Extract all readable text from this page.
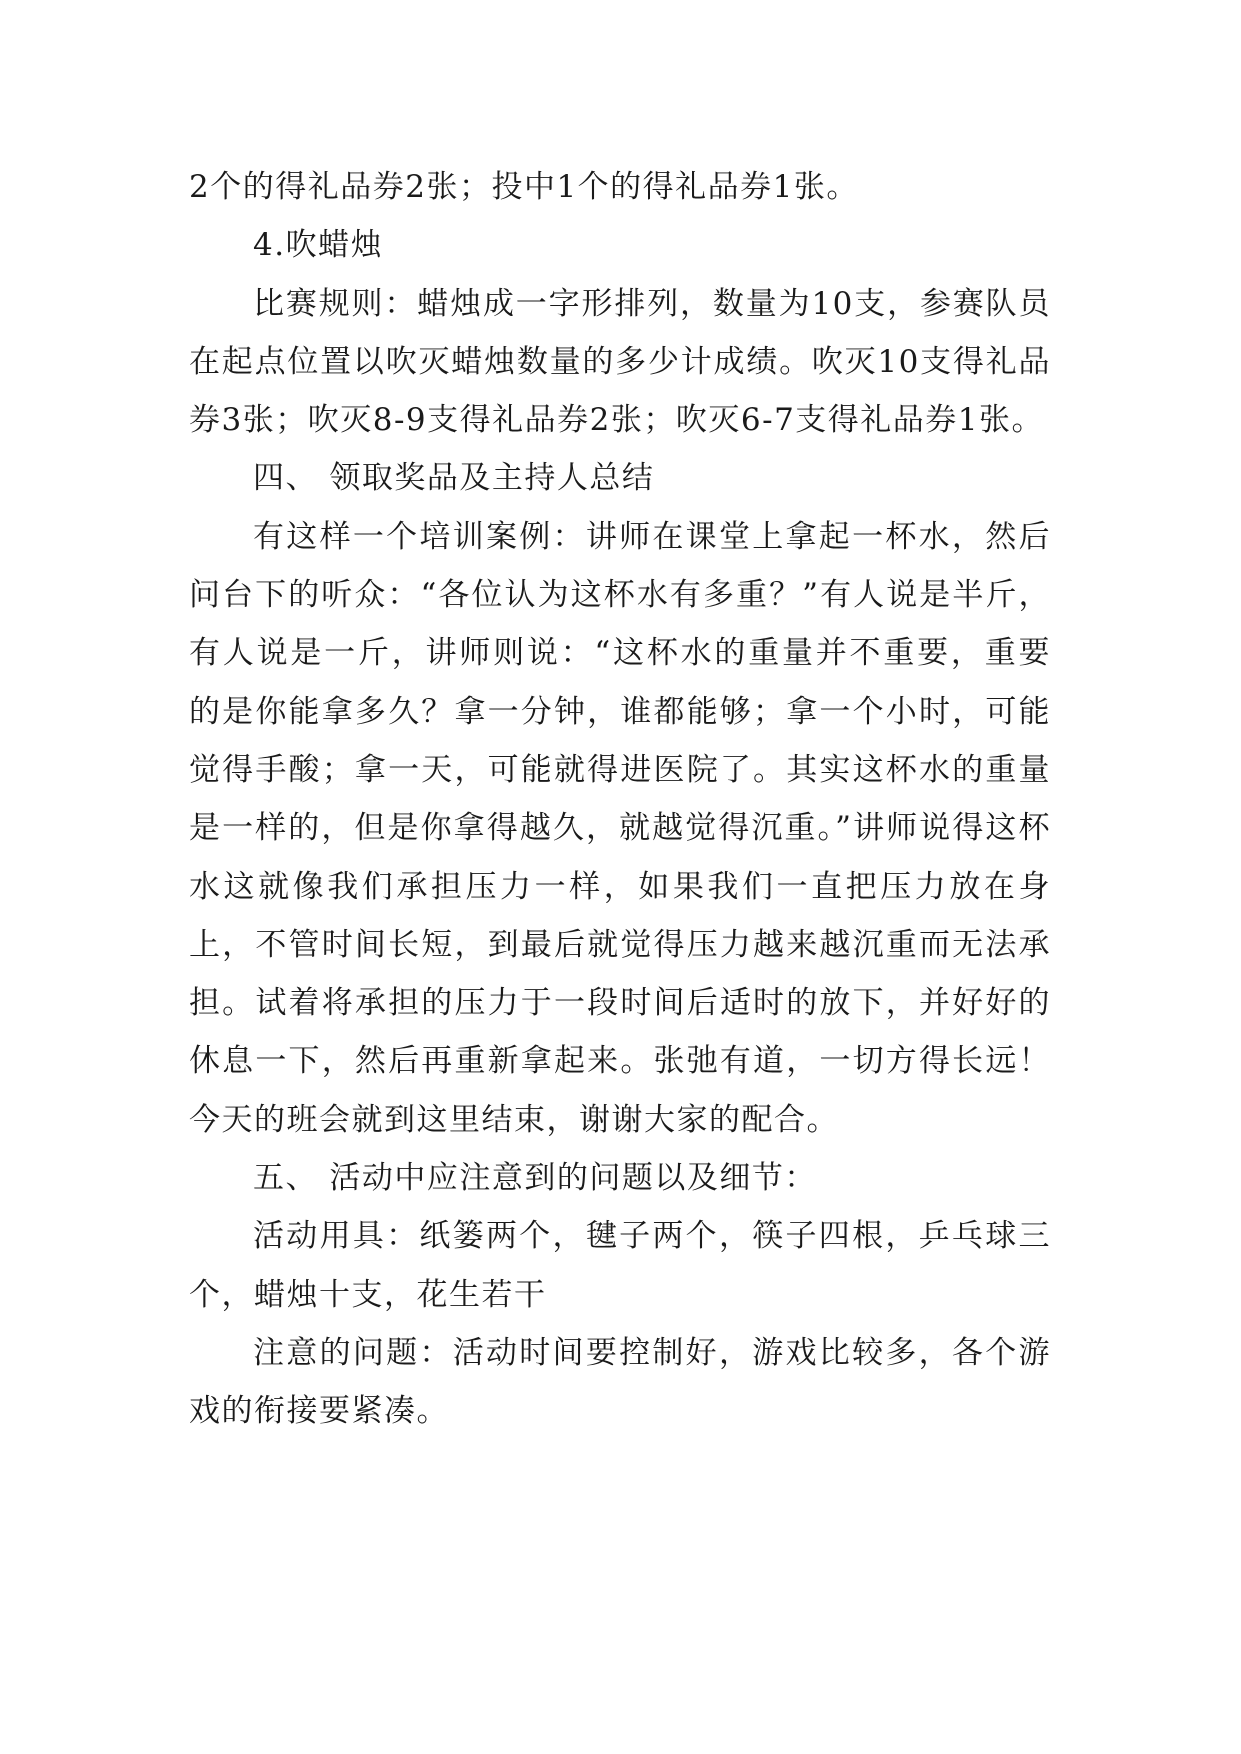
2个的得礼品券2张；投中1个的得礼品券1张。

4.吹蜡烛

比赛规则：蜡烛成一字形排列，数量为10支，参赛队员在起点位置以吹灭蜡烛数量的多少计成绩。吹灭10支得礼品券3张；吹灭8-9支得礼品券2张；吹灭6-7支得礼品券1张。

四、 领取奖品及主持人总结

有这样一个培训案例：讲师在课堂上拿起一杯水，然后问台下的听众：“各位认为这杯水有多重？”有人说是半斤，有人说是一斤，讲师则说：“这杯水的重量并不重要，重要的是你能拿多久？拿一分钟，谁都能够；拿一个小时，可能觉得手酸；拿一天，可能就得进医院了。其实这杯水的重量是一样的，但是你拿得越久，就越觉得沉重。”讲师说得这杯水这就像我们承担压力一样，如果我们一直把压力放在身上，不管时间长短，到最后就觉得压力越来越沉重而无法承担。试着将承担的压力于一段时间后适时的放下，并好好的休息一下，然后再重新拿起来。张弛有道，一切方得长远！今天的班会就到这里结束，谢谢大家的配合。

五、 活动中应注意到的问题以及细节：

活动用具：纸篓两个，毽子两个，筷子四根，乒乓球三个，蜡烛十支，花生若干

注意的问题：活动时间要控制好，游戏比较多，各个游戏的衔接要紧凑。
